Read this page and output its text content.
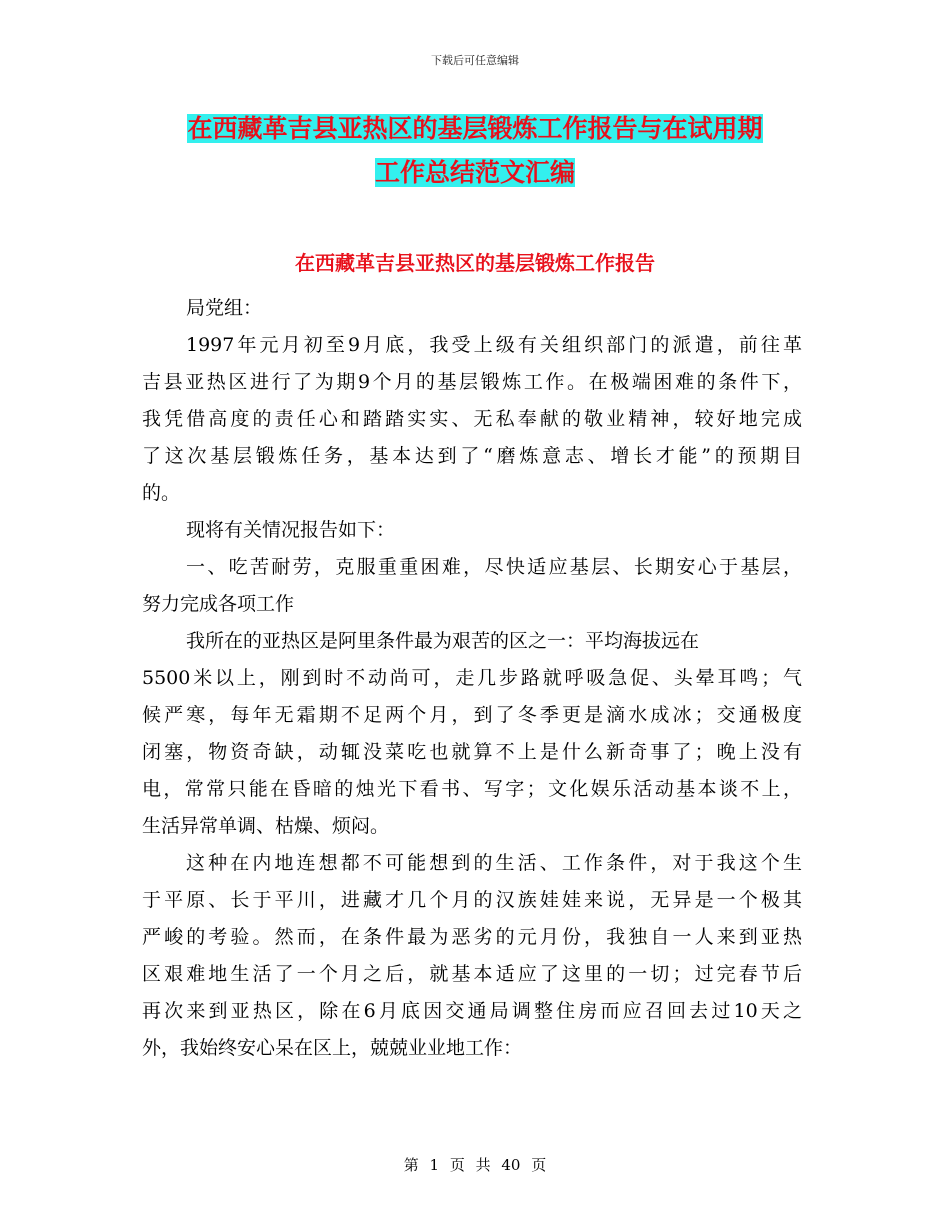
下载后可任意编辑
在西藏革吉县亚热区的基层锻炼工作报告与在试用期
工作总结范文汇编
在西藏革吉县亚热区的基层锻炼工作报告
局党组：
1997年元月初至9月底，我受上级有关组织部门的派遣，前往革
吉县亚热区进行了为期9个月的基层锻炼工作。在极端困难的条件下，
我凭借高度的责任心和踏踏实实、无私奉献的敬业精神，较好地完成
了这次基层锻炼任务，基本达到了“磨炼意志、增长才能”的预期目
的。
现将有关情况报告如下：
一、吃苦耐劳，克服重重困难，尽快适应基层、长期安心于基层，
努力完成各项工作
我所在的亚热区是阿里条件最为艰苦的区之一：平均海拔远在
5500米以上，刚到时不动尚可，走几步路就呼吸急促、头晕耳鸣；气
候严寒，每年无霜期不足两个月，到了冬季更是滴水成冰；交通极度
闭塞，物资奇缺，动辄没菜吃也就算不上是什么新奇事了；晚上没有
电，常常只能在昏暗的烛光下看书、写字；文化娱乐活动基本谈不上，
生活异常单调、枯燥、烦闷。
这种在内地连想都不可能想到的生活、工作条件，对于我这个生
于平原、长于平川，进藏才几个月的汉族娃娃来说，无异是一个极其
严峻的考验。然而，在条件最为恶劣的元月份，我独自一人来到亚热
区艰难地生活了一个月之后，就基本适应了这里的一切；过完春节后
再次来到亚热区，除在6月底因交通局调整住房而应召回去过10天之
外，我始终安心呆在区上，兢兢业业地工作：
第 1 页 共 40 页
